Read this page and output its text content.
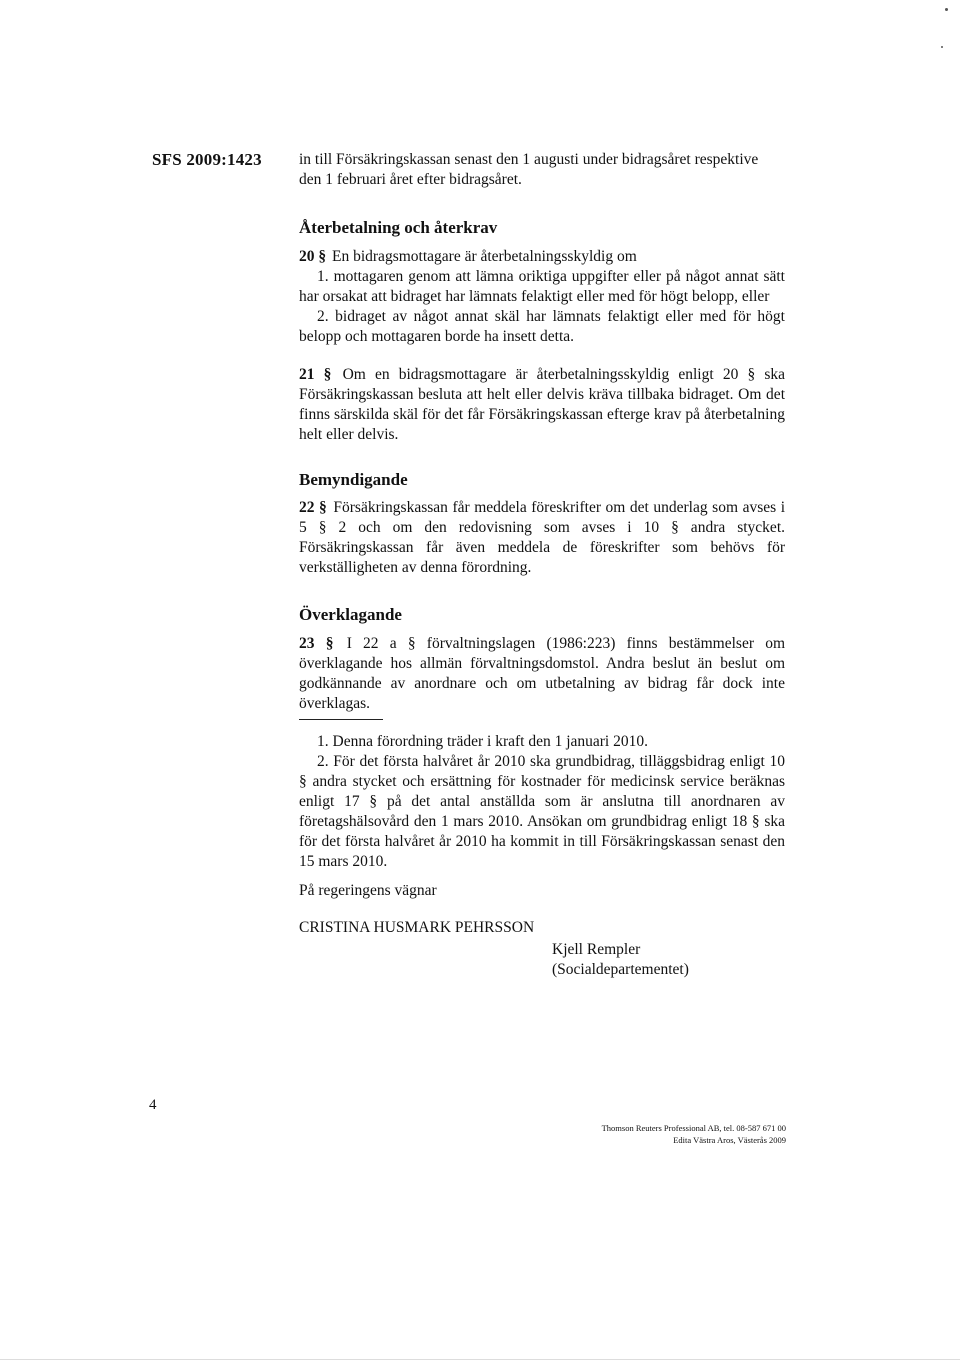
SFS 2009:1423 in till Försäkringskassan senast den 1 augusti under bidragsåret respektive

den 1 februari året efter bidragsåret.

Återbetalning och återkrav

20 § En bidragsmottagare är återbetalningsskyldig om

1. mottagaren genom att lämna oriktiga uppgifter eller på något annat sätt har orsakat att bidraget har lämnats felaktigt eller med för högt belopp, eller

2. bidraget av något annat skäl har lämnats felaktigt eller med för högt belopp och mottagaren borde ha insett detta.

21 § Om en bidragsmottagare är återbetalningsskyldig enligt 20 § ska Försäkringskassan besluta att helt eller delvis kräva tillbaka bidraget. Om det finns särskilda skäl för det får Försäkringskassan efterge krav på återbetalning helt eller delvis.

Bemyndigande

22 § Försäkringskassan får meddela föreskrifter om det underlag som avses i 5 § 2 och om den redovisning som avses i 10 § andra stycket. Försäkringskassan får även meddela de föreskrifter som behövs för verkställigheten av denna förordning.

Överklagande

23 § I 22 a § förvaltningslagen (1986:223) finns bestämmelser om överklagande hos allmän förvaltningsdomstol. Andra beslut än beslut om godkännande av anordnare och om utbetalning av bidrag får dock inte överklagas.

1. Denna förordning träder i kraft den 1 januari 2010.

2. För det första halvåret år 2010 ska grundbidrag, tilläggsbidrag enligt 10 § andra stycket och ersättning för kostnader för medicinsk service beräknas enligt 17 § på det antal anställda som är anslutna till anordnaren av företagshälsovård den 1 mars 2010. Ansökan om grundbidrag enligt 18 § ska för det första halvåret år 2010 ha kommit in till Försäkringskassan senast den 15 mars 2010.

På regeringens vägnar
CRISTINA HUSMARK PEHRSSON
Kjell Rempler
(Socialdepartementet)
4
Thomson Reuters Professional AB, tel. 08-587 671 00
Edita Västra Aros, Västerås 2009
